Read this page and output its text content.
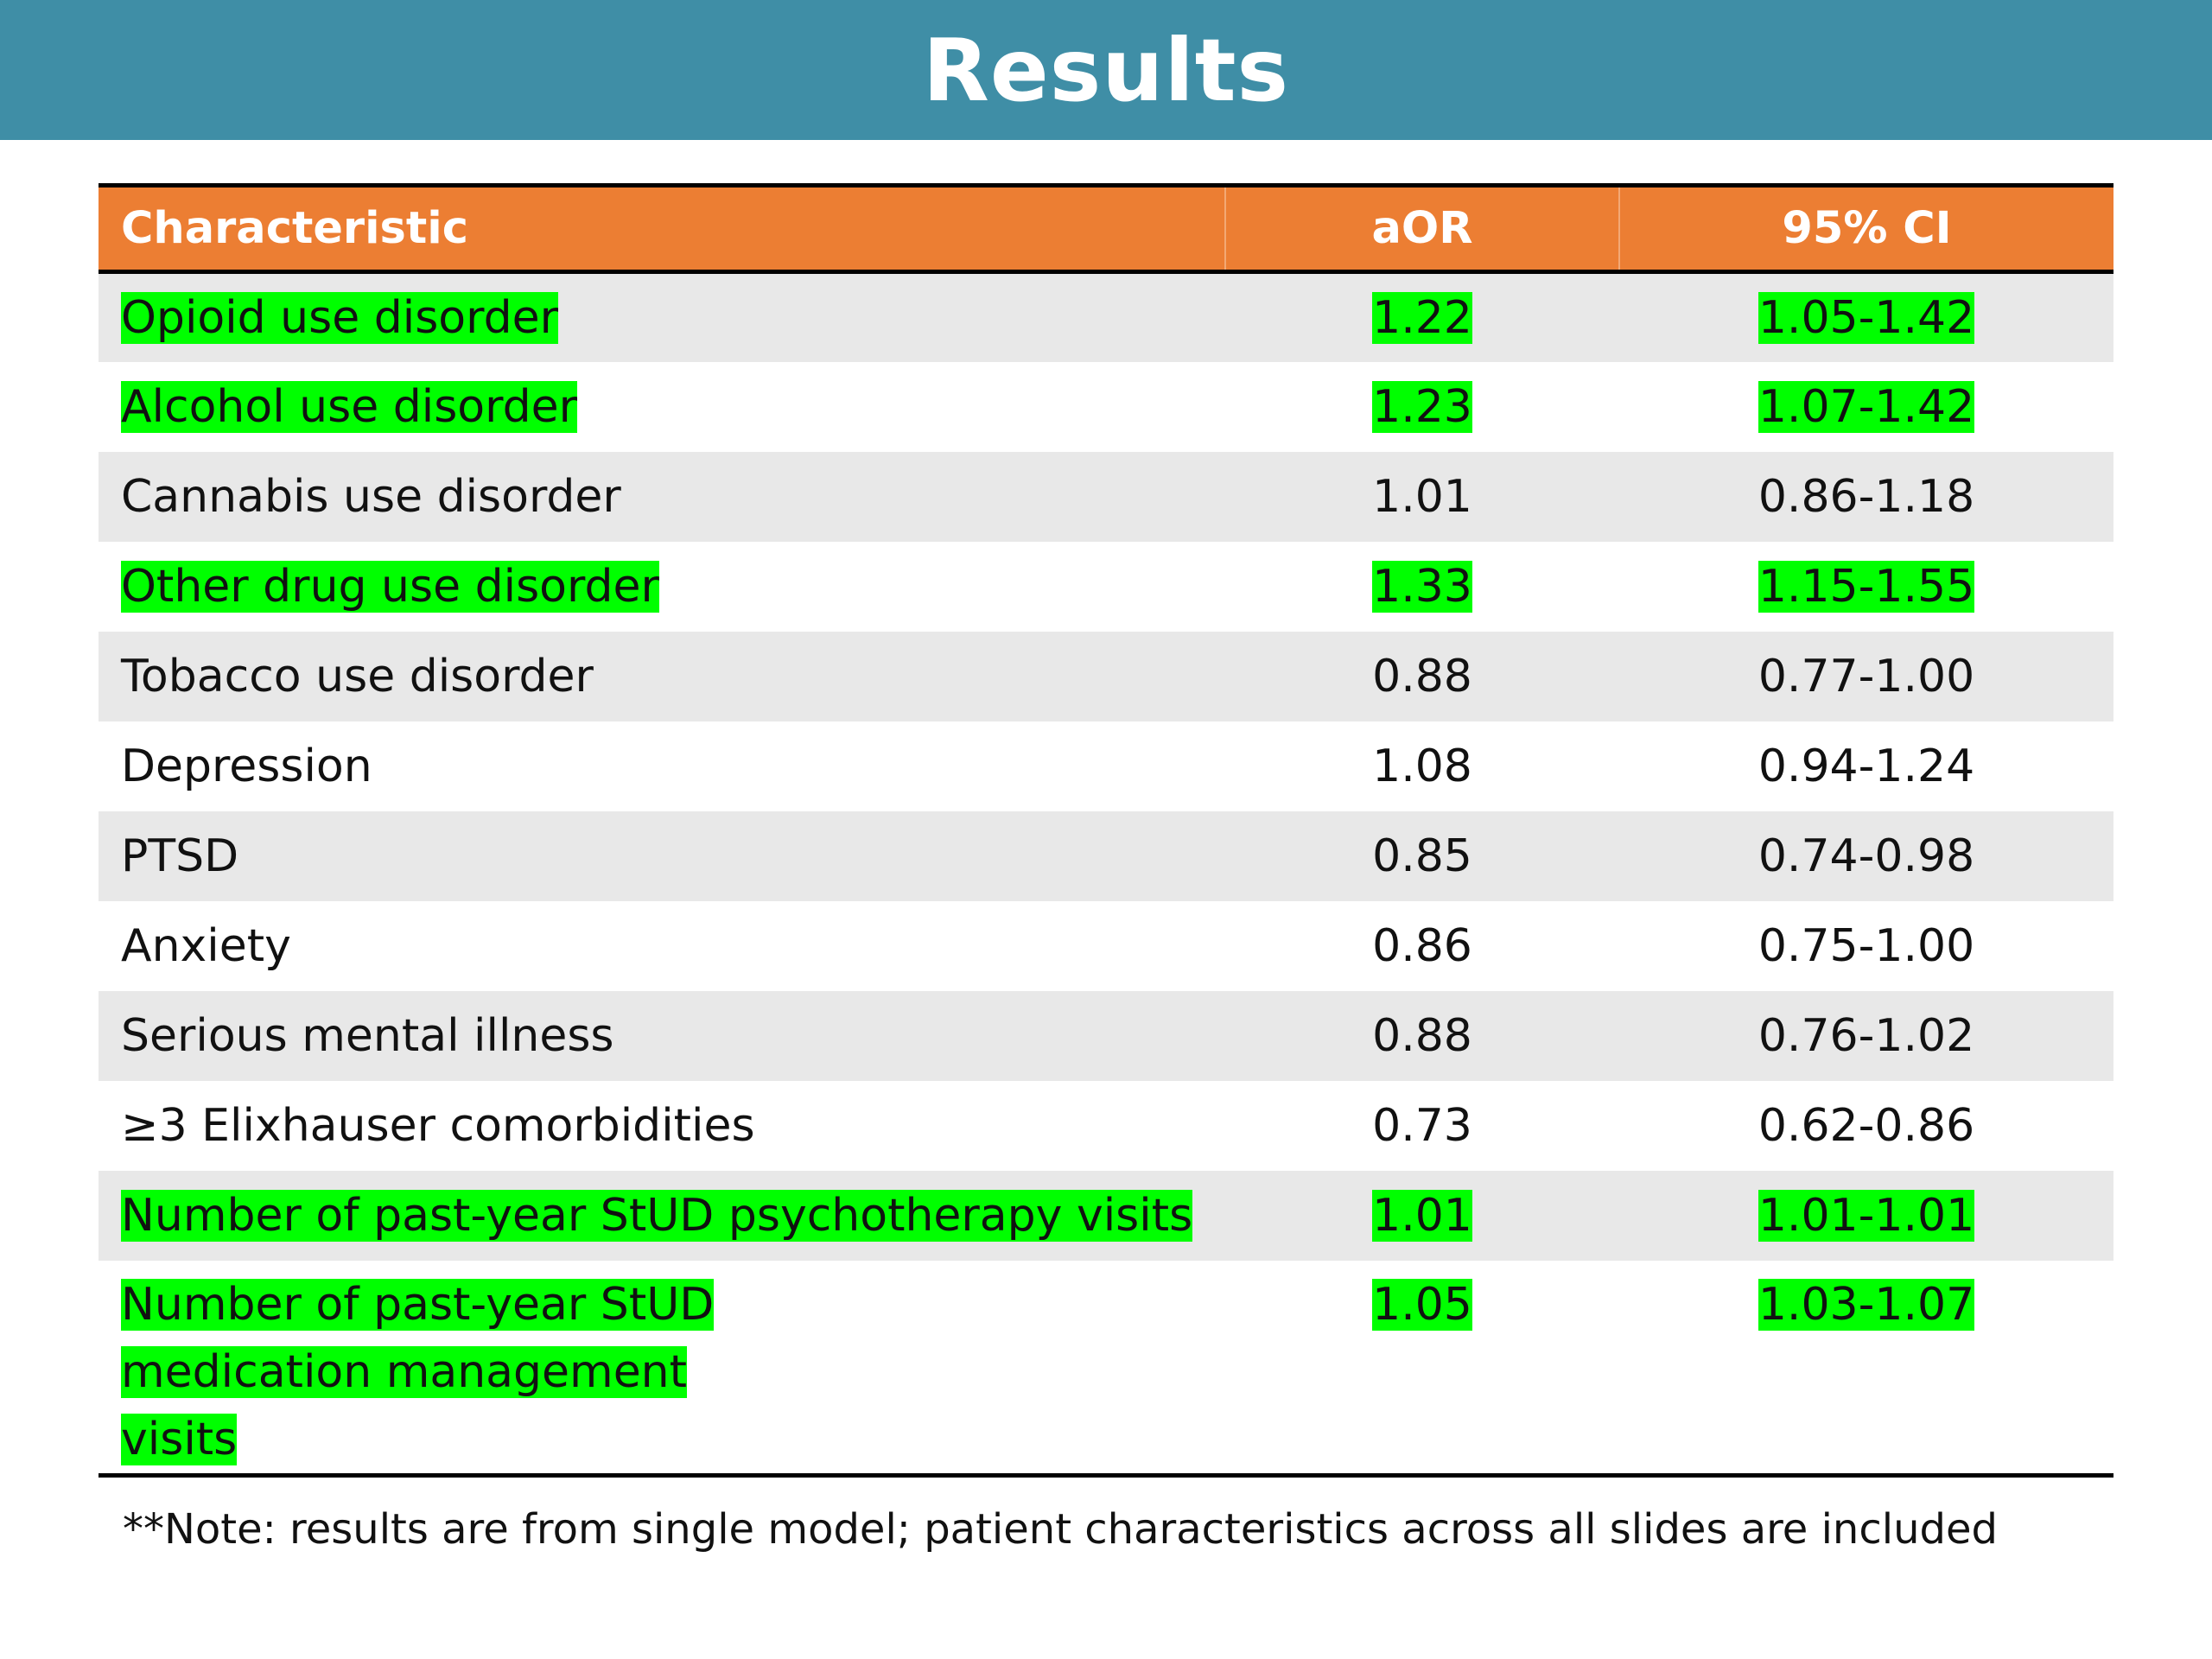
Results
Characteristic	aOR	95% CI
Opioid use disorder	1.22	1.05-1.42
Alcohol use disorder	1.23	1.07-1.42
Cannabis use disorder	1.01	0.86-1.18
Other drug use disorder	1.33	1.15-1.55
Tobacco use disorder	0.88	0.77-1.00
Depression	1.08	0.94-1.24
PTSD	0.85	0.74-0.98
Anxiety	0.86	0.75-1.00
Serious mental illness	0.88	0.76-1.02
≥3 Elixhauser comorbidities	0.73	0.62-0.86
Number of past-year StUD psychotherapy visits	1.01	1.01-1.01
Number of past-year StUD medication management visits	1.05	1.03-1.07
**Note: results are from single model; patient characteristics across all slides are included
